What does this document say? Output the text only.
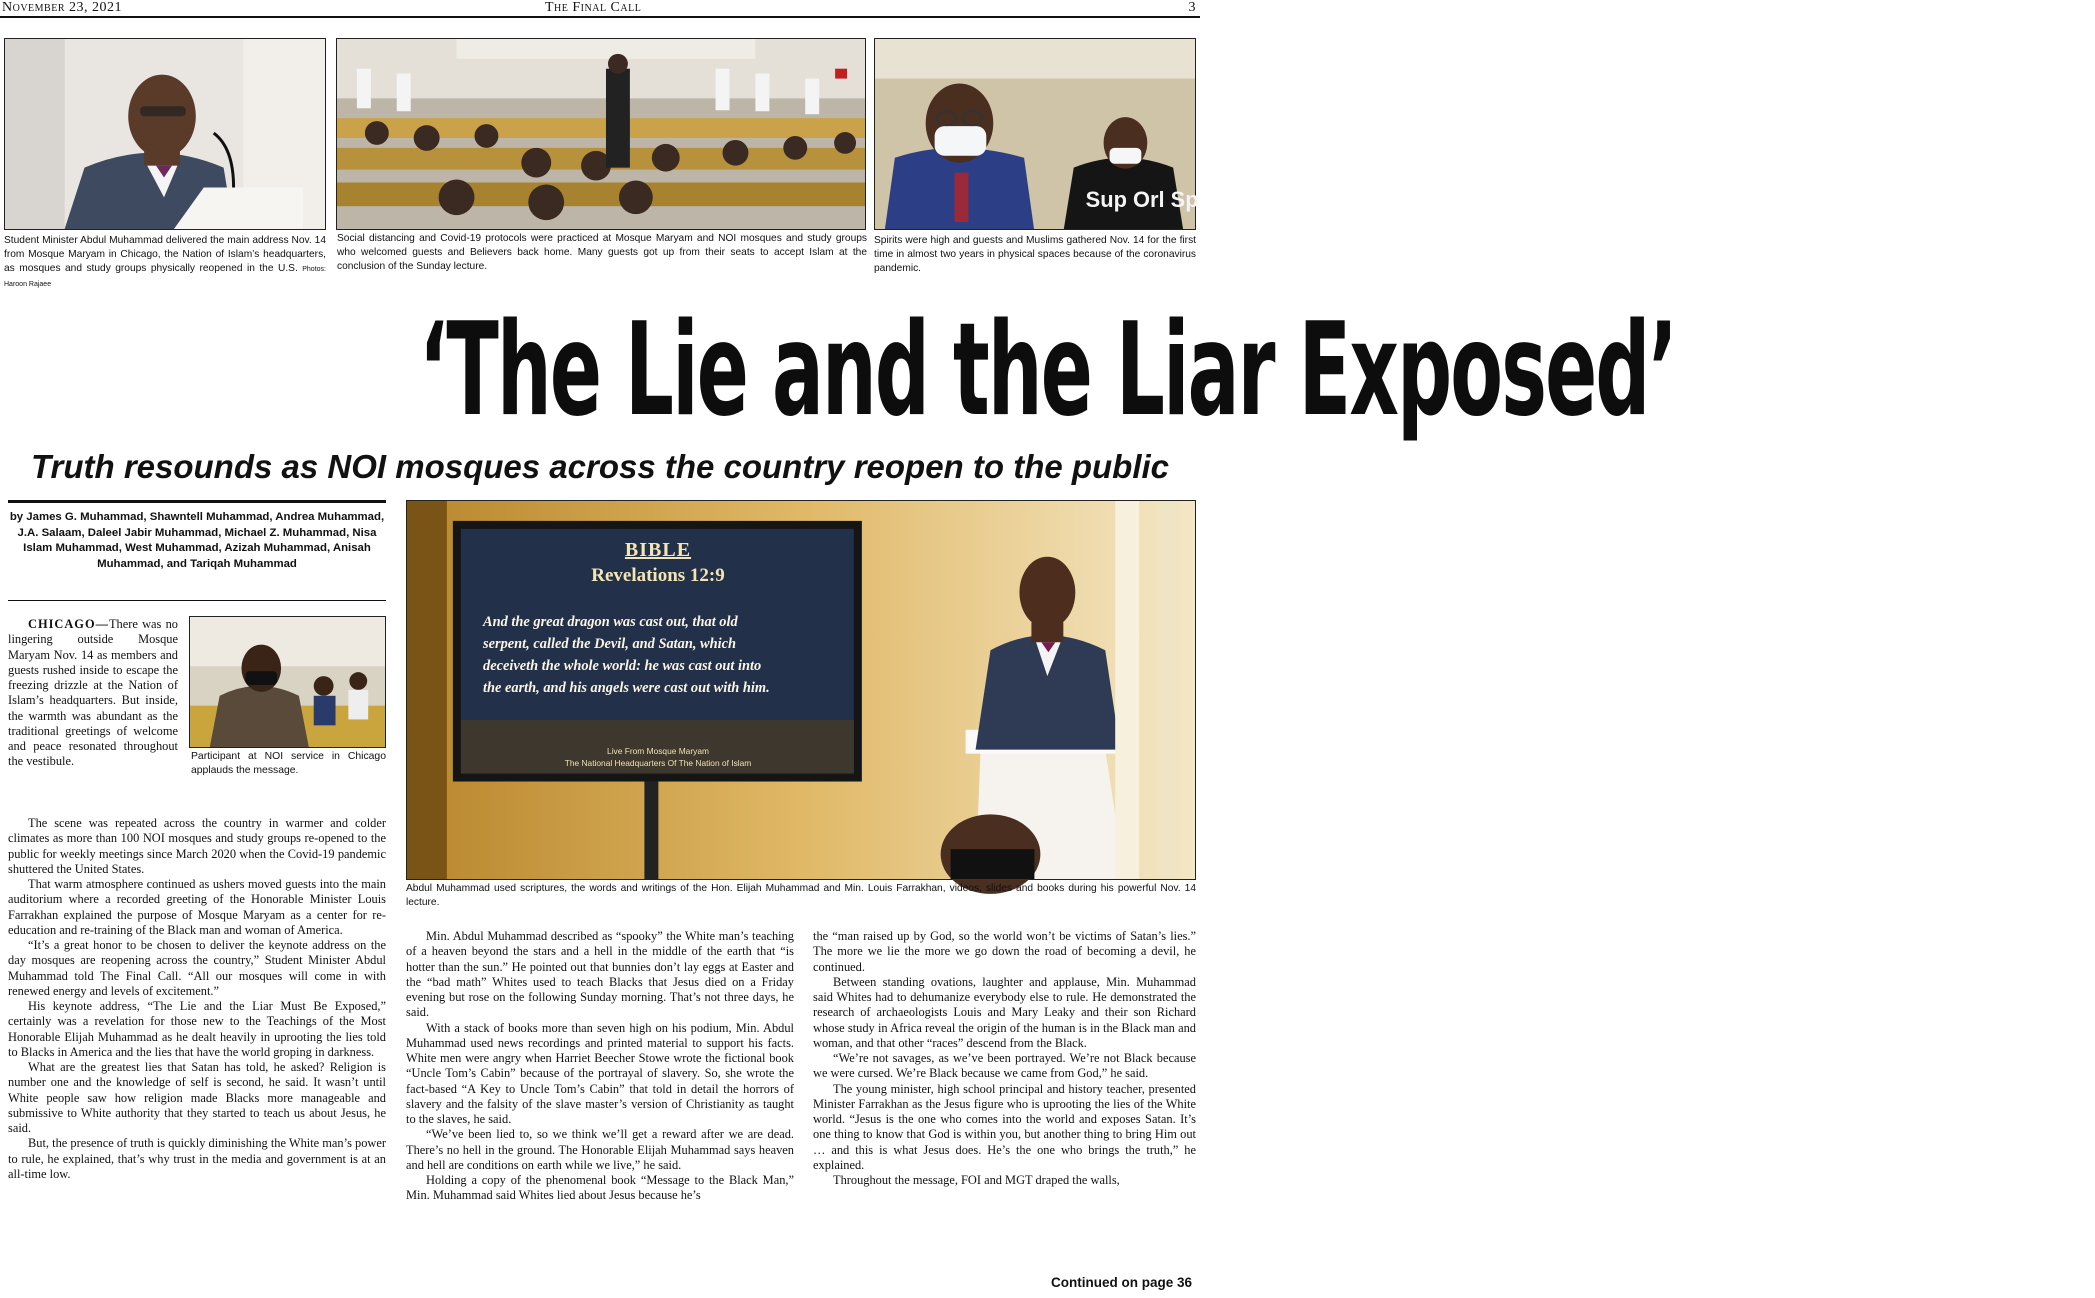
November 23, 2021	The Final Call	3
Student Minister Abdul Muhammad delivered the main address Nov. 14 from Mosque Maryam in Chicago, the Nation of Islam’s headquarters, as mosques and study groups physically reopened in the U.S. Photos: Haroon Rajaee
Social distancing and Covid-19 protocols were practiced at Mosque Maryam and NOI mosques and study groups who welcomed guests and Believers back home. Many guests got up from their seats to accept Islam at the conclusion of the Sunday lecture.
Sup Orl Sp
Spirits were high and guests and Muslims gathered Nov. 14 for the first time in almost two years in physical spaces because of the coronavirus pandemic.
‘The Lie and the Liar Exposed’
Truth resounds as NOI mosques across the country reopen to the public
by James G. Muhammad, Shawntell Muhammad, Andrea Muhammad, J.A. Salaam, Daleel Jabir Muhammad, Michael Z. Muhammad, Nisa Islam Muhammad, West Muhammad, Azizah Muhammad, Anisah Muhammad, and Tariqah Muhammad
Participant at NOI service in Chicago applauds the message.

CHICAGO—There was no lingering outside Mosque Maryam Nov. 14 as members and guests rushed inside to escape the freezing drizzle at the Nation of Islam’s headquarters. But inside, the warmth was abundant as the traditional greetings of welcome and peace resonated throughout the vestibule.

The scene was repeated across the country in warmer and colder climates as more than 100 NOI mosques and study groups re-opened to the public for weekly meetings since March 2020 when the Covid-19 pandemic shuttered the United States.

That warm atmosphere continued as ushers moved guests into the main auditorium where a recorded greeting of the Honorable Minister Louis Farrakhan explained the purpose of Mosque Maryam as a center for re-education and re-training of the Black man and woman of America.

“It’s a great honor to be chosen to deliver the keynote address on the day mosques are reopening across the country,” Student Minister Abdul Muhammad told The Final Call. “All our mosques will come in with renewed energy and levels of excitement.”

His keynote address, “The Lie and the Liar Must Be Exposed,” certainly was a revelation for those new to the Teachings of the Most Honorable Elijah Muhammad as he dealt heavily in uprooting the lies told to Blacks in America and the lies that have the world groping in darkness.

What are the greatest lies that Satan has told, he asked? Religion is number one and the knowledge of self is second, he said. It wasn’t until White people saw how religion made Blacks more manageable and submissive to White authority that they started to teach us about Jesus, he said.

But, the presence of truth is quickly diminishing the White man’s power to rule, he explained, that’s why trust in the media and government is at an all-time low.

BIBLE
Revelations 12:9
And the great dragon was cast out, that old
serpent, called the Devil, and Satan, which
deceiveth the whole world: he was cast out into
the earth, and his angels were cast out with him.
Live From Mosque Maryam
The National Headquarters Of The Nation of Islam
Abdul Muhammad used scriptures, the words and writings of the Hon. Elijah Muhammad and Min. Louis Farrakhan, videos, slides and books during his powerful Nov. 14 lecture.

Min. Abdul Muhammad described as “spooky” the White man’s teaching of a heaven beyond the stars and a hell in the middle of the earth that “is hotter than the sun.” He pointed out that bunnies don’t lay eggs at Easter and the “bad math” Whites used to teach Blacks that Jesus died on a Friday evening but rose on the following Sunday morning. That’s not three days, he said.

With a stack of books more than seven high on his podium, Min. Abdul Muhammad used news recordings and printed material to support his facts. White men were angry when Harriet Beecher Stowe wrote the fictional book “Uncle Tom’s Cabin” because of the portrayal of slavery. So, she wrote the fact-based “A Key to Uncle Tom’s Cabin” that told in detail the horrors of slavery and the falsity of the slave master’s version of Christianity as taught to the slaves, he said.

“We’ve been lied to, so we think we’ll get a reward after we are dead. There’s no hell in the ground. The Honorable Elijah Muhammad says heaven and hell are conditions on earth while we live,” he said.

Holding a copy of the phenomenal book “Message to the Black Man,” Min. Muhammad said Whites lied about Jesus because he’s

the “man raised up by God, so the world won’t be victims of Satan’s lies.” The more we lie the more we go down the road of becoming a devil, he continued.

Between standing ovations, laughter and applause, Min. Muhammad said Whites had to dehumanize everybody else to rule. He demonstrated the research of archaeologists Louis and Mary Leaky and their son Richard whose study in Africa reveal the origin of the human is in the Black man and woman, and that other “races” descend from the Black.

“We’re not savages, as we’ve been portrayed. We’re not Black because we were cursed. We’re Black because we came from God,” he said.

The young minister, high school principal and history teacher, presented Minister Farrakhan as the Jesus figure who is uprooting the lies of the White world. “Jesus is the one who comes into the world and exposes Satan. It’s one thing to know that God is within you, but another thing to bring Him out … and this is what Jesus does. He’s the one who brings the truth,” he explained.

Throughout the message, FOI and MGT draped the walls,

Continued on page 36
